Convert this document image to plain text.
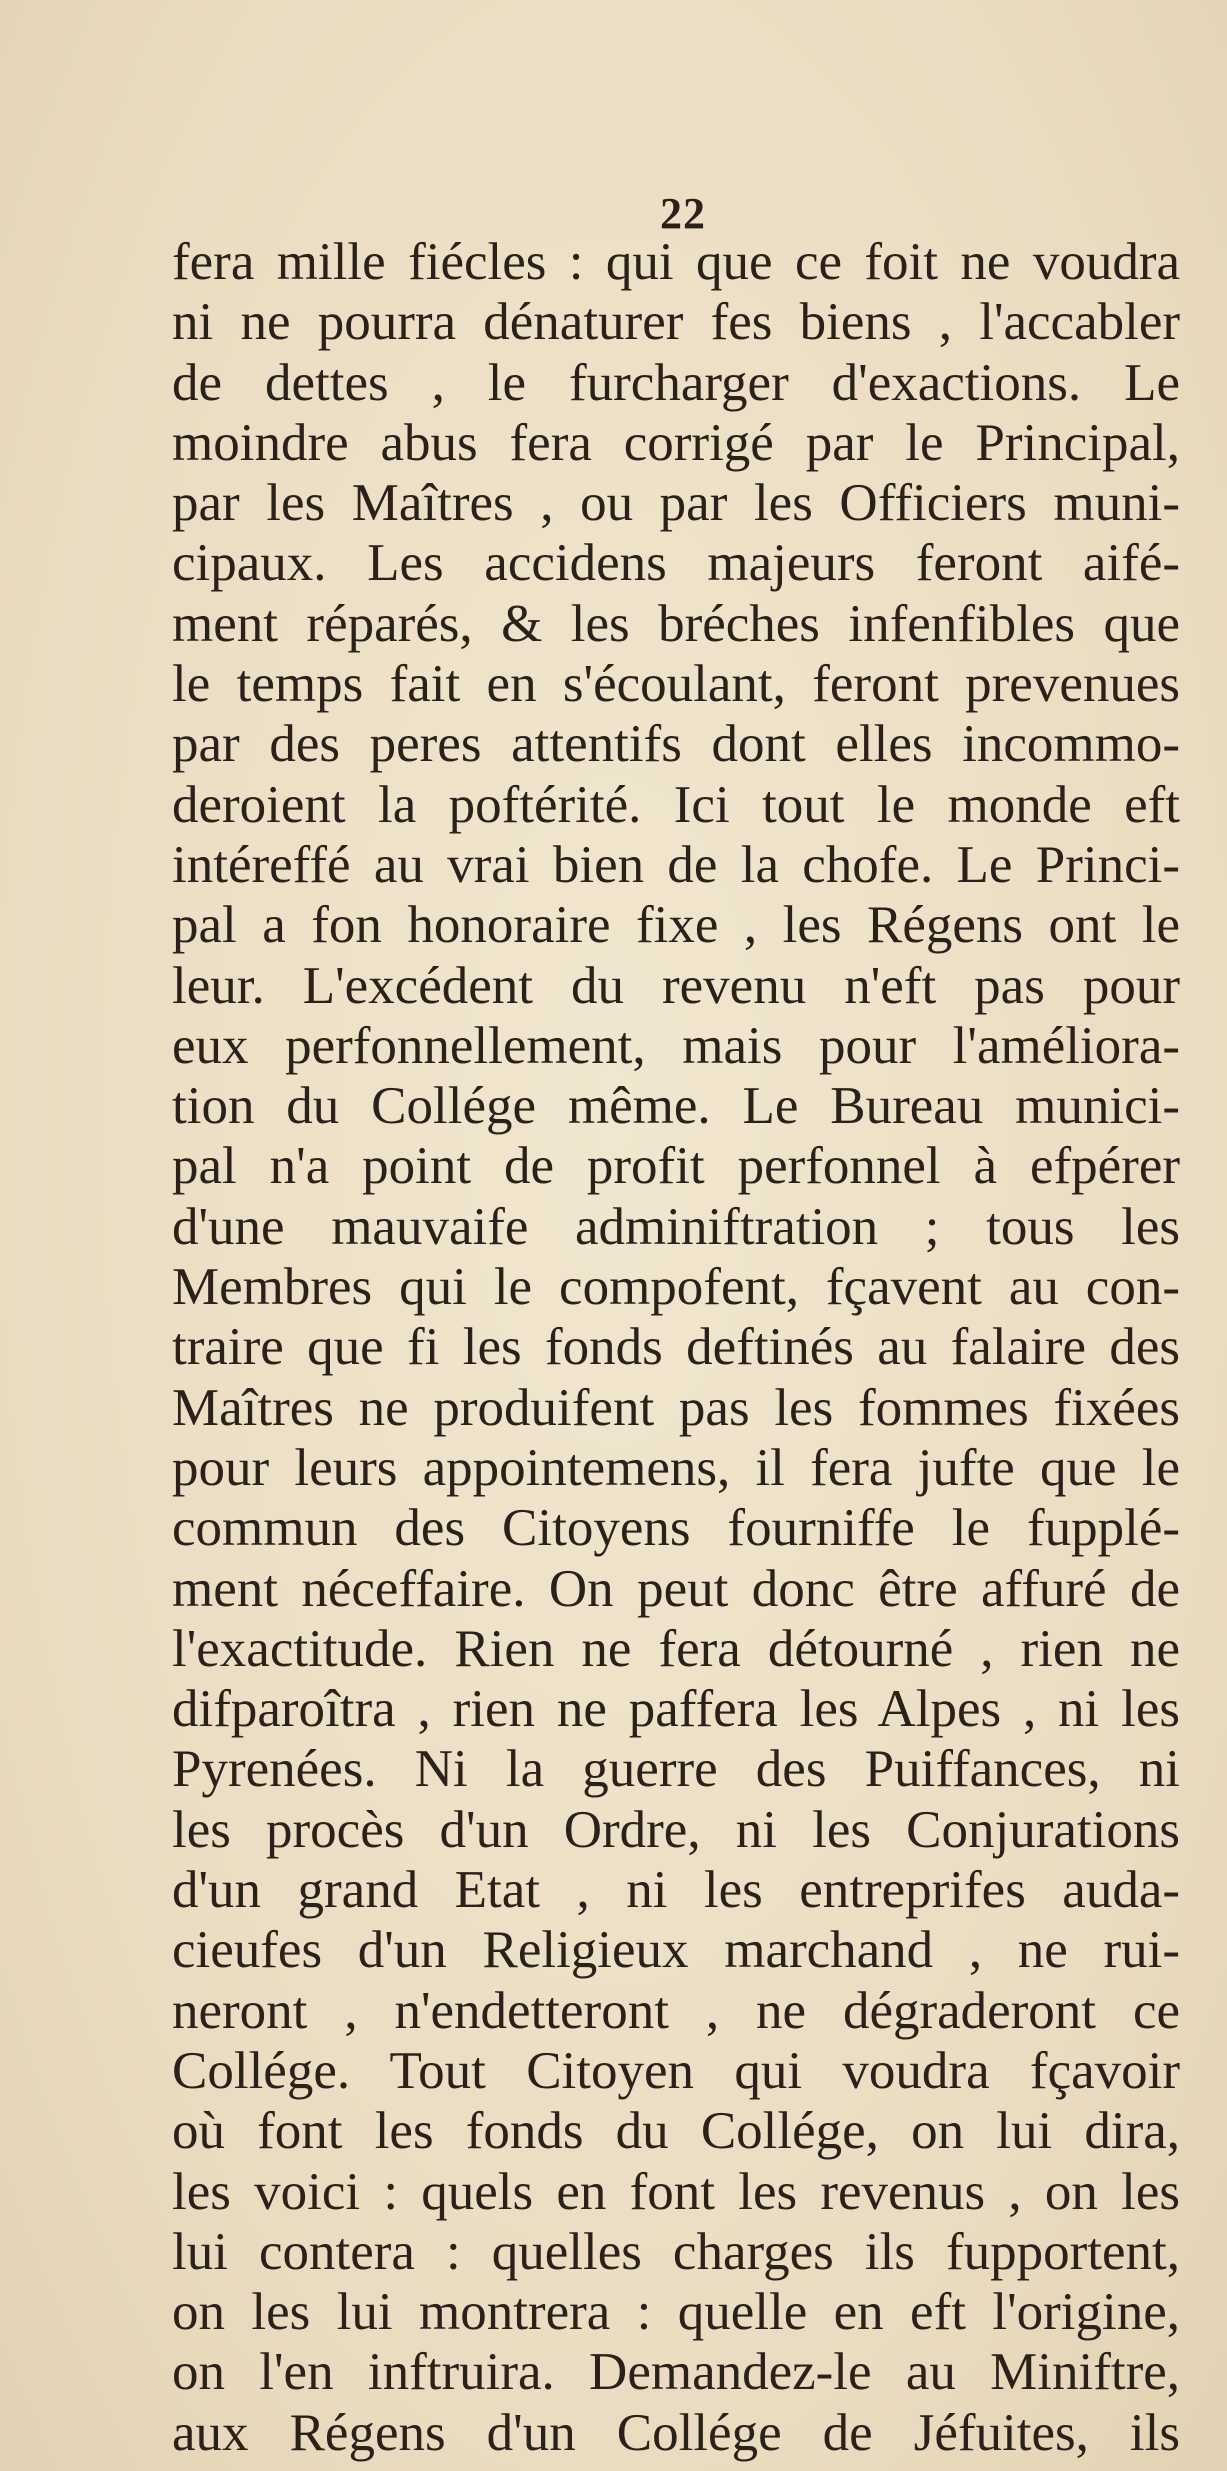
22
fera mille fiécles : qui que ce foit ne voudra
ni ne pourra dénaturer fes biens , l'accabler
de dettes , le furcharger d'exactions. Le
moindre abus fera corrigé par le Principal,
par les Maîtres , ou par les Officiers muni-
cipaux. Les accidens majeurs feront aifé-
ment réparés, & les bréches infenfibles que
le temps fait en s'écoulant, feront prevenues
par des peres attentifs dont elles incommo-
deroient la poftérité. Ici tout le monde eft
intéreffé au vrai bien de la chofe. Le Princi-
pal a fon honoraire fixe , les Régens ont le
leur. L'excédent du revenu n'eft pas pour
eux perfonnellement, mais pour l'améliora-
tion du Collége même. Le Bureau munici-
pal n'a point de profit perfonnel à efpérer
d'une mauvaife adminiftration ; tous les
Membres qui le compofent, fçavent au con-
traire que fi les fonds deftinés au falaire des
Maîtres ne produifent pas les fommes fixées
pour leurs appointemens, il fera jufte que le
commun des Citoyens fourniffe le fupplé-
ment néceffaire. On peut donc être affuré de
l'exactitude. Rien ne fera détourné , rien ne
difparoîtra , rien ne paffera les Alpes , ni les
Pyrenées. Ni la guerre des Puiffances, ni
les procès d'un Ordre, ni les Conjurations
d'un grand Etat , ni les entreprifes auda-
cieufes d'un Religieux marchand , ne rui-
neront , n'endetteront , ne dégraderont ce
Collége. Tout Citoyen qui voudra fçavoir
où font les fonds du Collége, on lui dira,
les voici : quels en font les revenus , on les
lui contera : quelles charges ils fupportent,
on les lui montrera : quelle en eft l'origine,
on l'en inftruira. Demandez-le au Miniftre,
aux Régens d'un Collége de Jéfuites, ils
